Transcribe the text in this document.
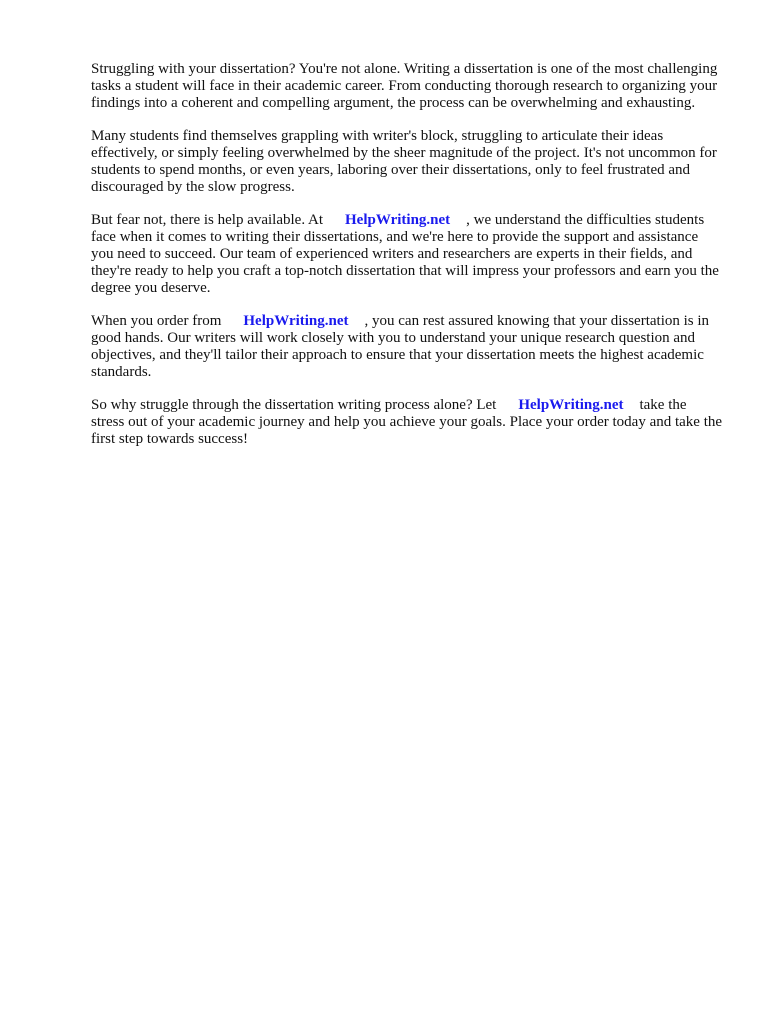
Struggling with your dissertation? You're not alone. Writing a dissertation is one of the most challenging tasks a student will face in their academic career. From conducting thorough research to organizing your findings into a coherent and compelling argument, the process can be overwhelming and exhausting.

Many students find themselves grappling with writer's block, struggling to articulate their ideas effectively, or simply feeling overwhelmed by the sheer magnitude of the project. It's not uncommon for students to spend months, or even years, laboring over their dissertations, only to feel frustrated and discouraged by the slow progress.

But fear not, there is help available. At HelpWriting.net , we understand the difficulties students face when it comes to writing their dissertations, and we're here to provide the support and assistance you need to succeed. Our team of experienced writers and researchers are experts in their fields, and they're ready to help you craft a top-notch dissertation that will impress your professors and earn you the degree you deserve.

When you order from HelpWriting.net , you can rest assured knowing that your dissertation is in good hands. Our writers will work closely with you to understand your unique research question and objectives, and they'll tailor their approach to ensure that your dissertation meets the highest academic standards.

So why struggle through the dissertation writing process alone? Let HelpWriting.net take the stress out of your academic journey and help you achieve your goals. Place your order today and take the first step towards success!
